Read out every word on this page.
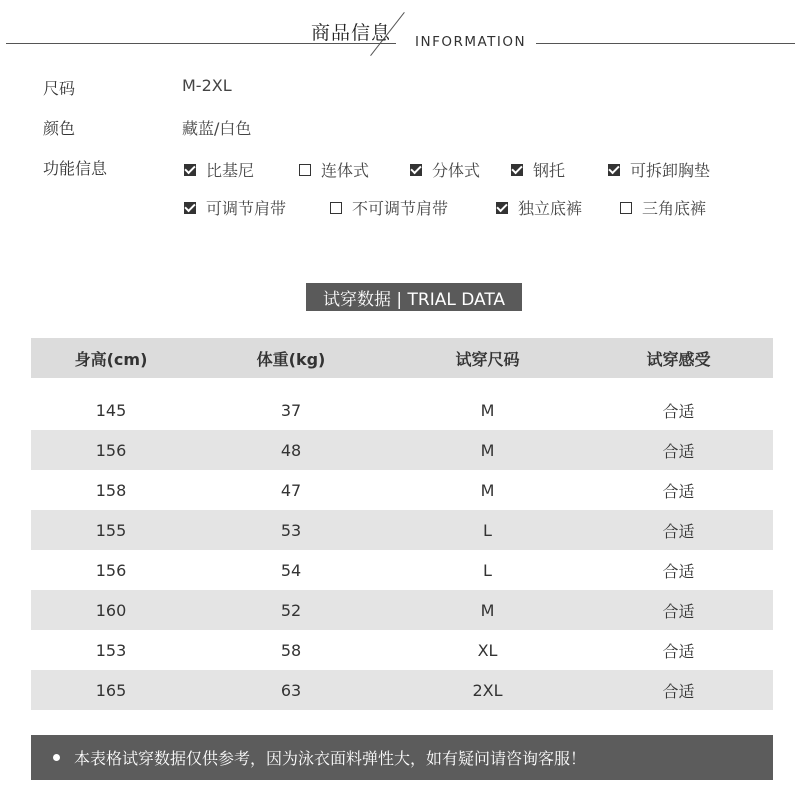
商品信息 INFORMATION
尺码	M-2XL
颜色	藏蓝/白色
功能信息	比基尼	连体式	分体式	钢托	可拆卸胸垫
可调节肩带	不可调节肩带	独立底裤	三角底裤
试穿数据 | TRIAL DATA
身高(cm)	体重(kg)	试穿尺码	试穿感受
145	37	M	合适
156	48	M	合适
158	47	M	合适
155	53	L	合适
156	54	L	合适
160	52	M	合适
153	58	XL	合适
165	63	2XL	合适
本表格试穿数据仅供参考，因为泳衣面料弹性大，如有疑问请咨询客服！
